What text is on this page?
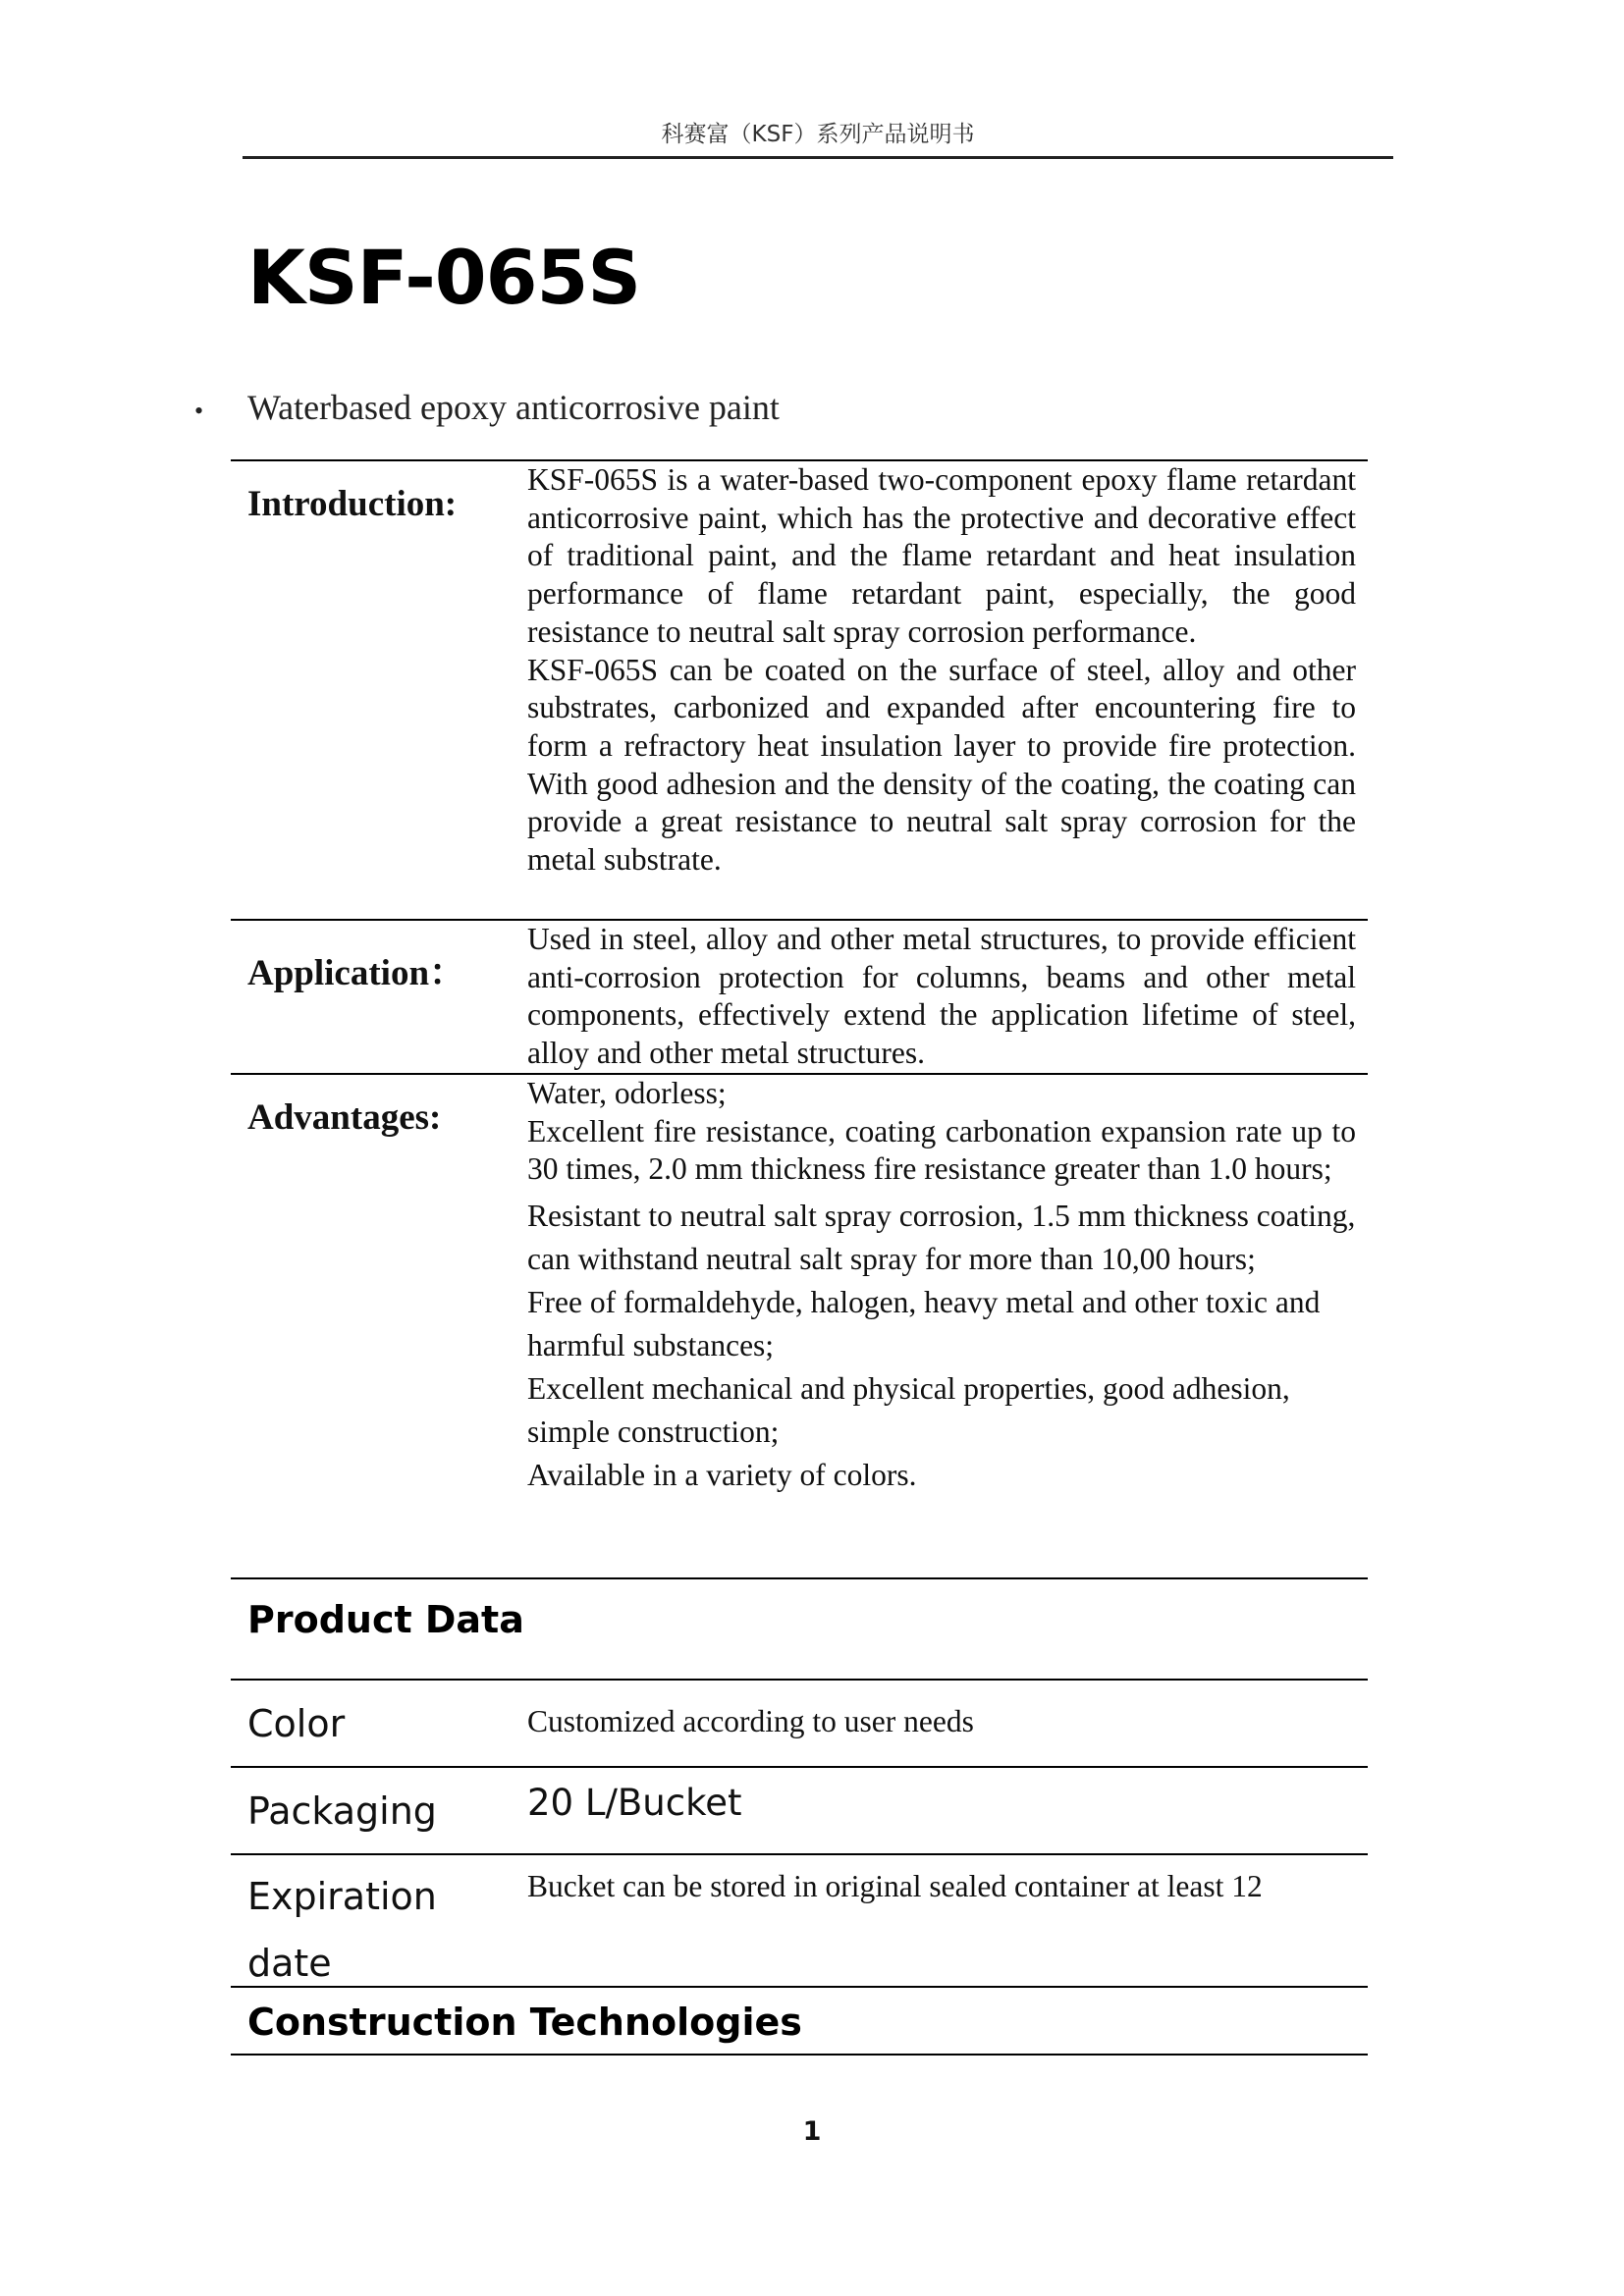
科赛富（KSF）系列产品说明书
KSF-065S
• Waterbased epoxy anticorrosive paint
Introduction:

KSF-065S is a water-based two-component epoxy flame retardant anticorrosive paint, which has the protective and decorative effect of traditional paint, and the flame retardant and heat insulation performance of flame retardant paint, especially, the good resistance to neutral salt spray corrosion performance.

KSF-065S can be coated on the surface of steel, alloy and other substrates, carbonized and expanded after encountering fire to form a refractory heat insulation layer to provide fire protection. With good adhesion and the density of the coating, the coating can provide a great resistance to neutral salt spray corrosion for the metal substrate.

Application：

Used in steel, alloy and other metal structures, to provide efficient anti-corrosion protection for columns, beams and other metal components, effectively extend the application lifetime of steel, alloy and other metal structures.

Advantages:
Water, odorless;
Excellent fire resistance, coating carbonation expansion rate up to 30 times, 2.0 mm thickness fire resistance greater than 1.0 hours;
Resistant to neutral salt spray corrosion, 1.5 mm thickness coating, can withstand neutral salt spray for more than 10,00 hours;
Free of formaldehyde, halogen, heavy metal and other toxic and harmful substances;
Excellent mechanical and physical properties, good adhesion, simple construction;
Available in a variety of colors.
Product Data
Color	Customized according to user needs
Packaging	20 L/Bucket
Expiration date
Bucket can be stored in original sealed container at least 12
Construction Technologies
1
